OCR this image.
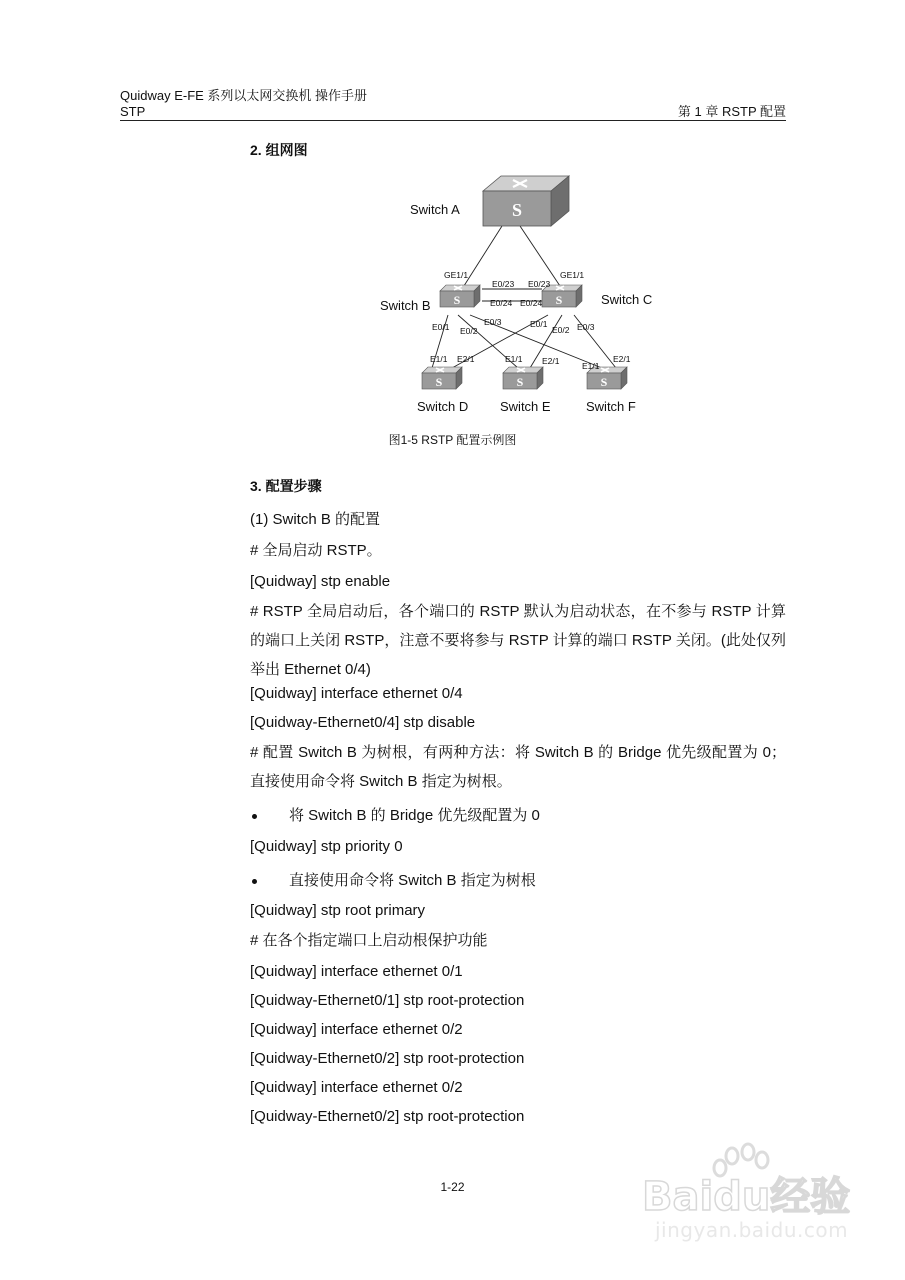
Quidway E-FE 系列以太网交换机 操作手册
STP	第 1 章 RSTP 配置
2. 组网图
S
S	S
S	S	S
Switch A
Switch B	Switch C
Switch D Switch E	Switch F
GE1/1	GE1/1
E0/23 E0/23
E0/24 E0/24
E0/1 E0/2
E0/3	E0/1
E0/2 E0/3
E1/1 E2/1	E1/1 E2/1	E1/1
E2/1
图1-5 RSTP 配置示例图
3. 配置步骤
(1) Switch B 的配置
# 全局启动 RSTP。
[Quidway] stp enable
# RSTP 全局启动后，各个端口的 RSTP 默认为启动状态，在不参与 RSTP 计算的端口上关闭 RSTP，注意不要将参与 RSTP 计算的端口 RSTP 关闭。(此处仅列举出 Ethernet 0/4)
[Quidway] interface ethernet 0/4
[Quidway-Ethernet0/4] stp disable
# 配置 Switch B 为树根，有两种方法：将 Switch B 的 Bridge 优先级配置为 0；直接使用命令将 Switch B 指定为树根。
将 Switch B 的 Bridge 优先级配置为 0
[Quidway] stp priority 0
直接使用命令将 Switch B 指定为树根
[Quidway] stp root primary
# 在各个指定端口上启动根保护功能
[Quidway] interface ethernet 0/1
[Quidway-Ethernet0/1] stp root-protection
[Quidway] interface ethernet 0/2
[Quidway-Ethernet0/2] stp root-protection
[Quidway] interface ethernet 0/2
[Quidway-Ethernet0/2] stp root-protection
1-22	Baidu经验
jingyan.baidu.com
